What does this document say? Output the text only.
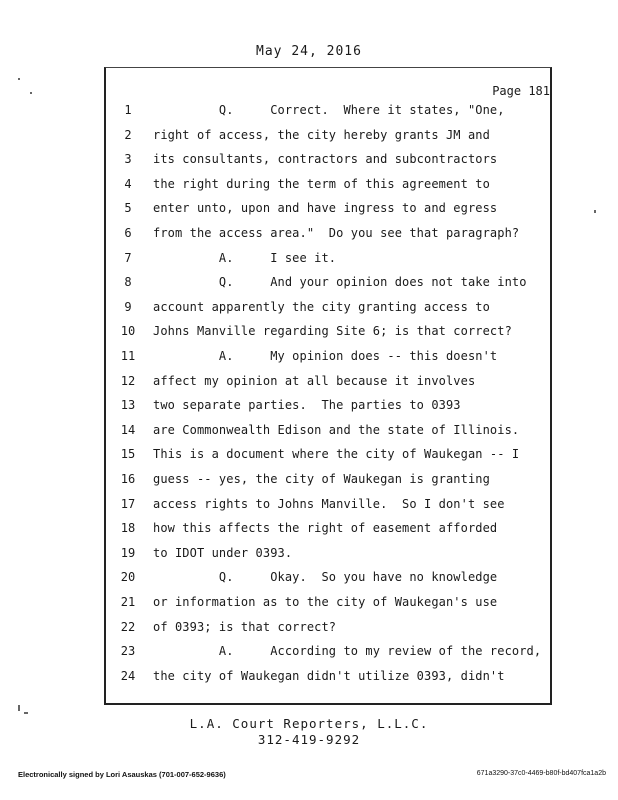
May 24, 2016
Page 181
1	Q.     Correct.  Where it states, "One,
2	right of access, the city hereby grants JM and
3	its consultants, contractors and subcontractors
4	the right during the term of this agreement to
5	enter unto, upon and have ingress to and egress
6	from the access area."  Do you see that paragraph?
7	A.     I see it.
8	Q.     And your opinion does not take into
9	account apparently the city granting access to
10 Johns Manville regarding Site 6; is that correct?
11 A.     My opinion does -- this doesn't
12 affect my opinion at all because it involves
13 two separate parties.  The parties to 0393
14 are Commonwealth Edison and the state of Illinois.
15 This is a document where the city of Waukegan -- I
16 guess -- yes, the city of Waukegan is granting
17 access rights to Johns Manville.  So I don't see
18 how this affects the right of easement afforded
19 to IDOT under 0393.
20 Q.     Okay.  So you have no knowledge
21 or information as to the city of Waukegan's use
22 of 0393; is that correct?
23 A.     According to my review of the record,
24 the city of Waukegan didn't utilize 0393, didn't
L.A. Court Reporters, L.L.C.
312-419-9292
Electronically signed by Lori Asauskas (701-007-652-9636)	671a3290-37c0-4469-b80f-bd407fca1a2b
